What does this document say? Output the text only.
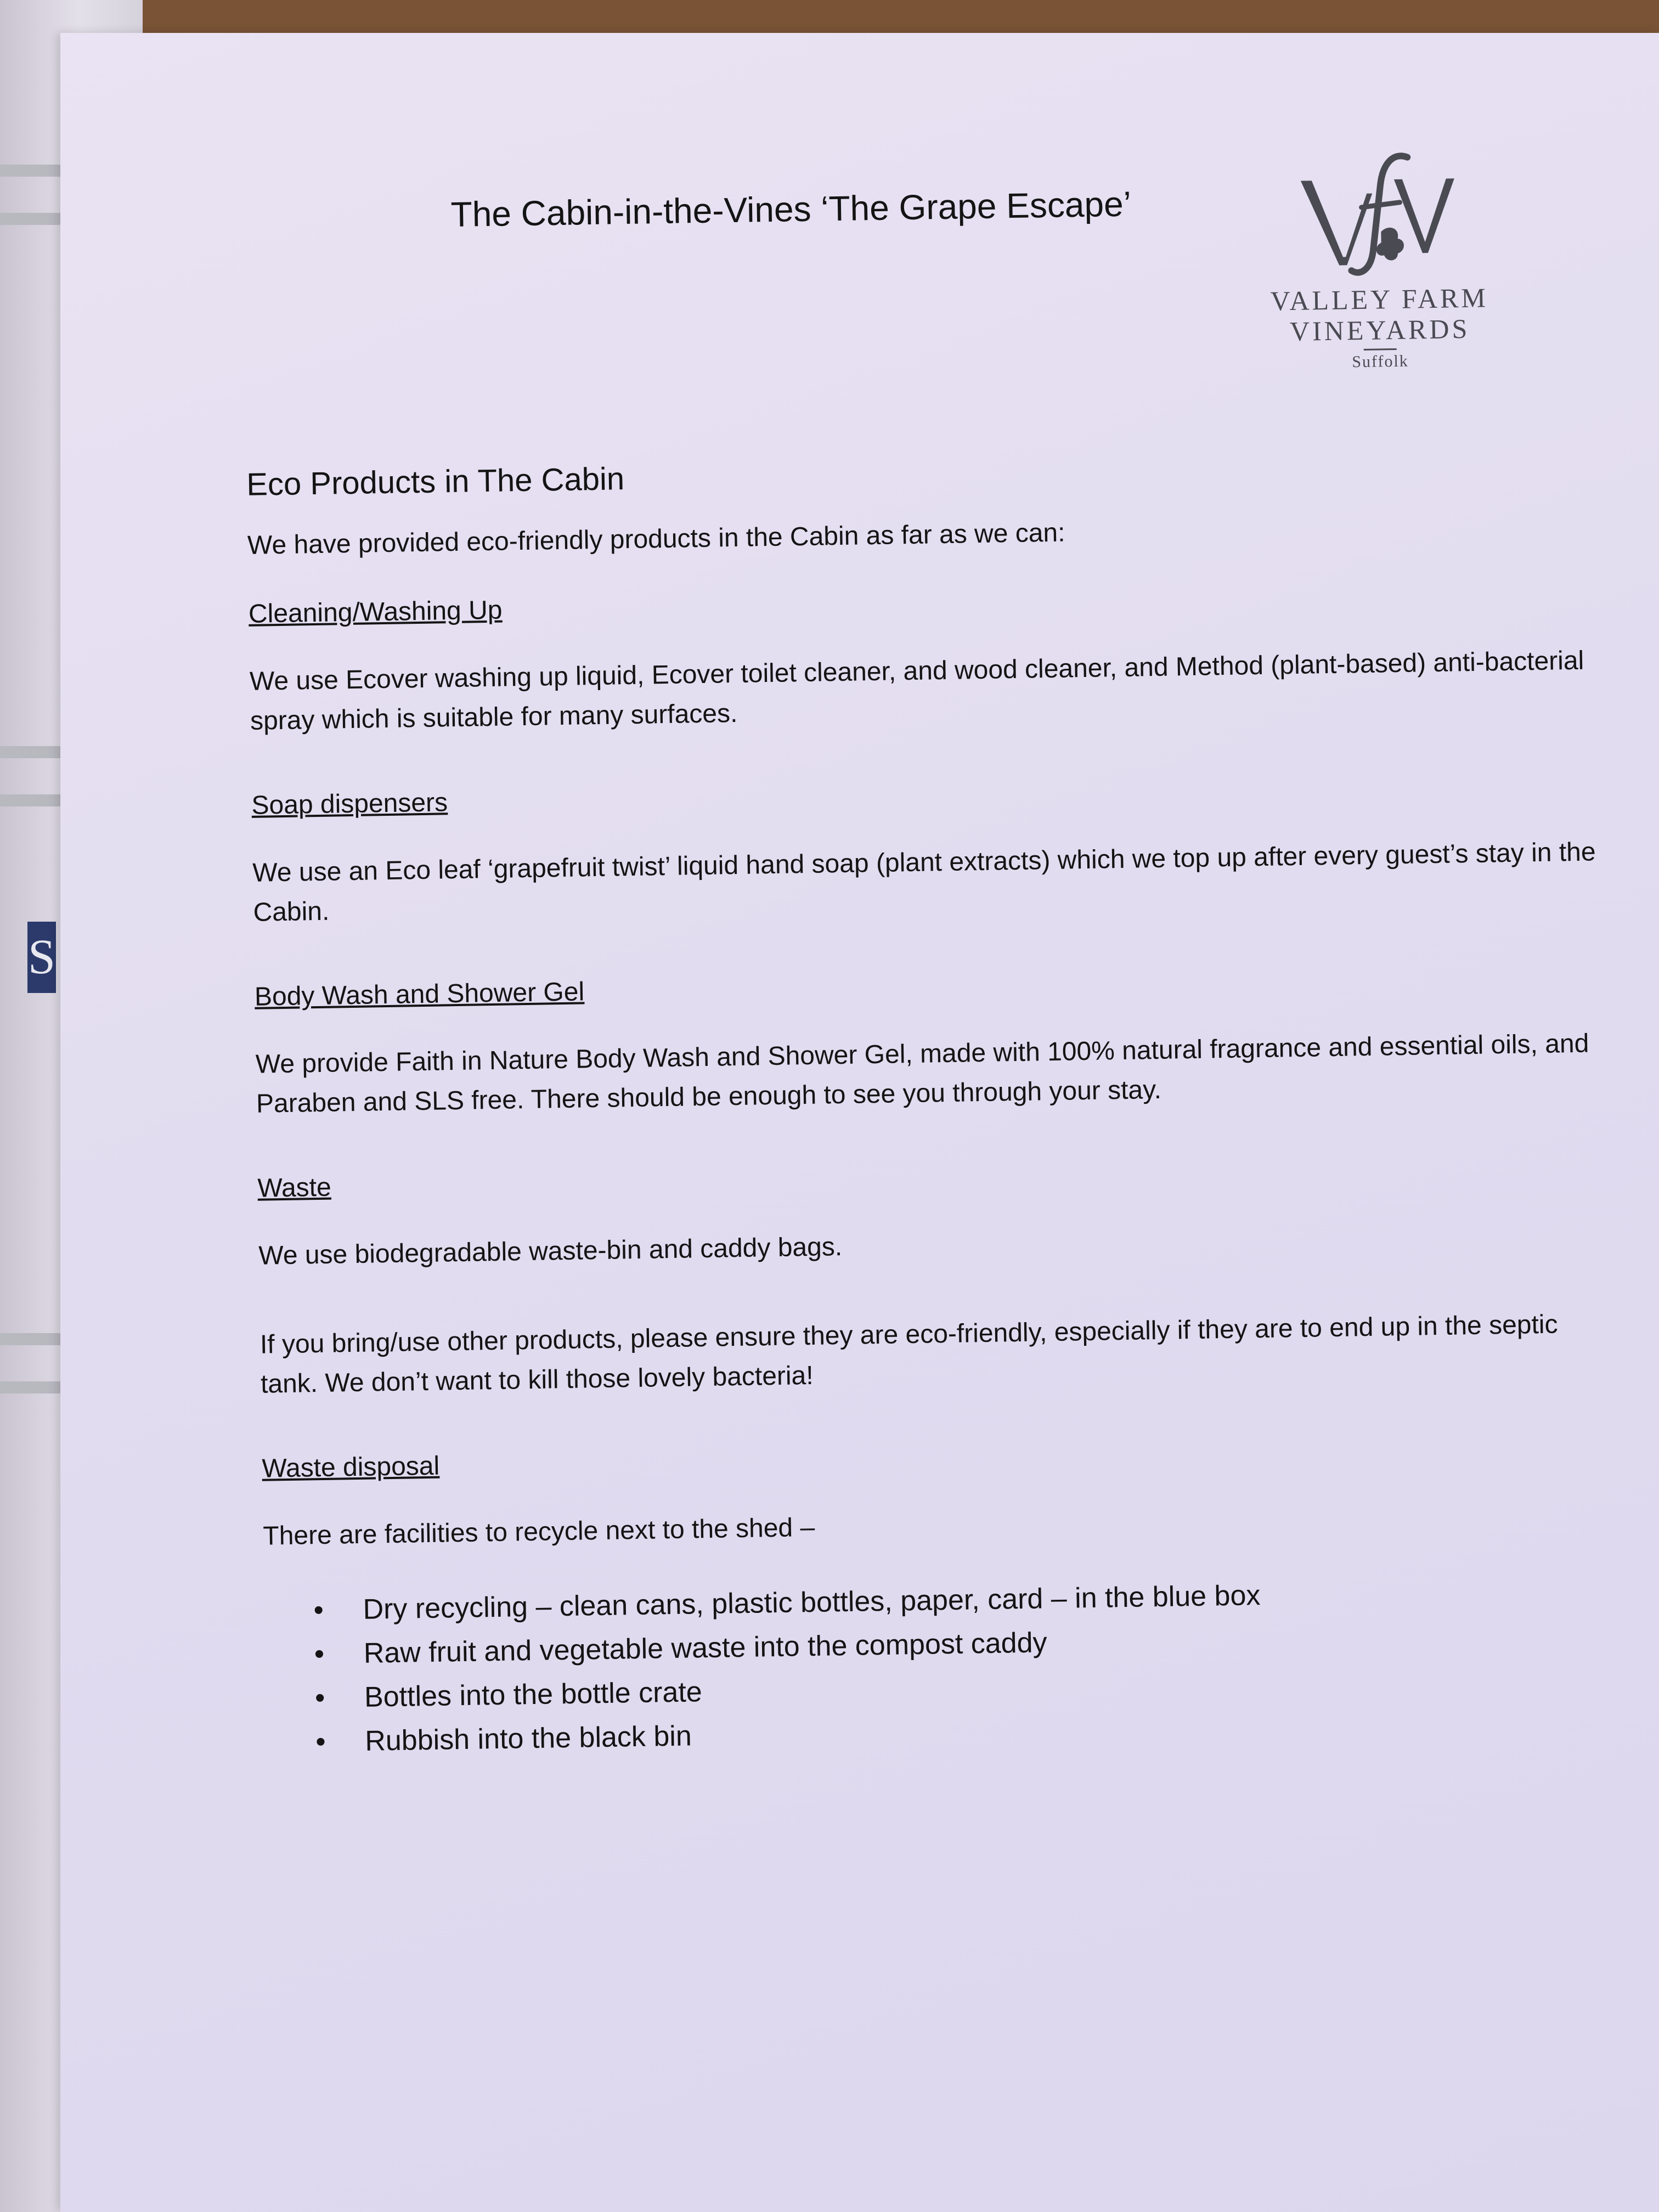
S
The Cabin-in-the-Vines ‘The Grape Escape’
VALLEY FARM
VINEYARDS
Suffolk
Eco Products in The Cabin
We have provided eco-friendly products in the Cabin as far as we can:
Cleaning/Washing Up
We use Ecover washing up liquid, Ecover toilet cleaner, and wood cleaner, and Method (plant-based) anti-bacterial spray which is suitable for many surfaces.
Soap dispensers
We use an Eco leaf ‘grapefruit twist’ liquid hand soap (plant extracts) which we top up after every guest’s stay in the Cabin.
Body Wash and Shower Gel
We provide Faith in Nature Body Wash and Shower Gel, made with 100% natural fragrance and essential oils, and Paraben and SLS free. There should be enough to see you through your stay.
Waste
We use biodegradable waste-bin and caddy bags.
If you bring/use other products, please ensure they are eco-friendly, especially if they are to end up in the septic tank. We don’t want to kill those lovely bacteria!
Waste disposal
There are facilities to recycle next to the shed –
• Dry recycling – clean cans, plastic bottles, paper, card – in the blue box
• Raw fruit and vegetable waste into the compost caddy
• Bottles into the bottle crate
• Rubbish into the black bin
